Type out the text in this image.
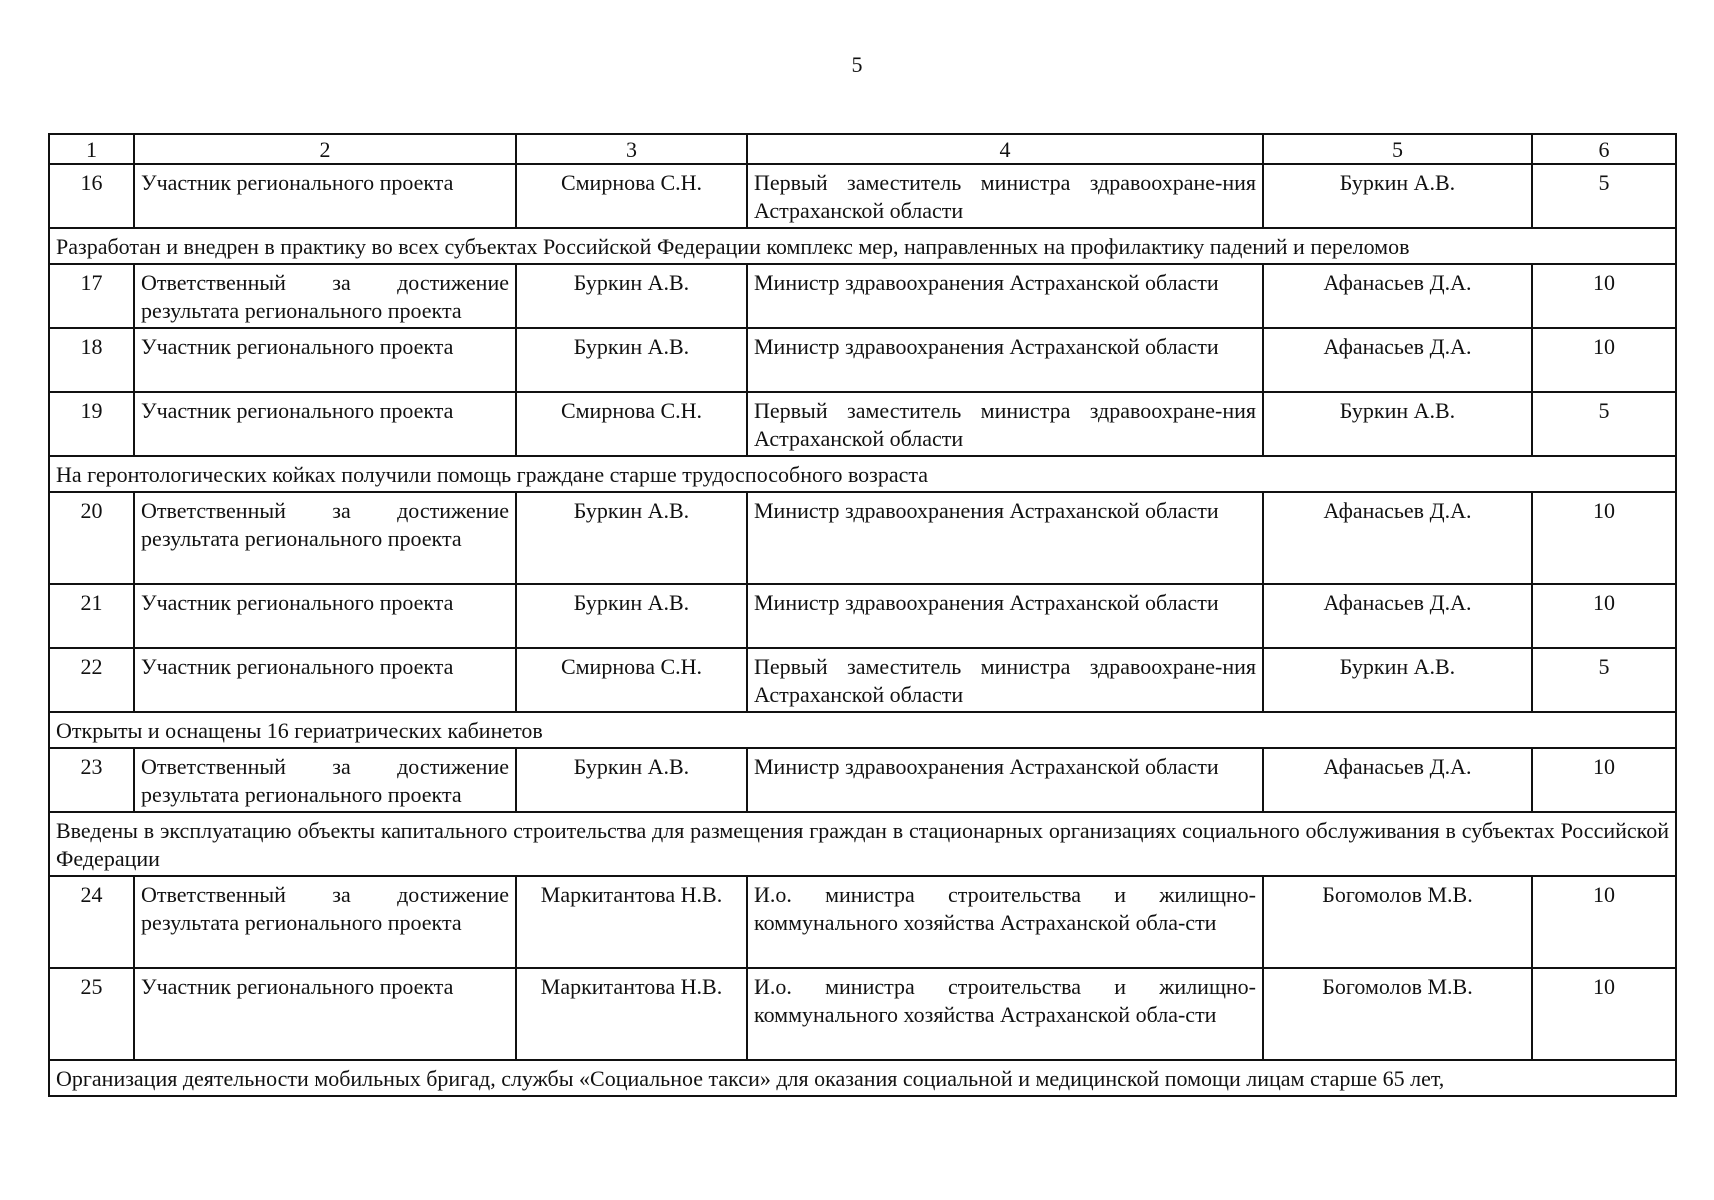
5
1	2	3	4	5	6
16	Участник регионального проекта	Смирнова С.Н.	Первый заместитель министра здравоохране-ния Астраханской области	Буркин А.В.	5
Разработан и внедрен в практику во всех субъектах Российской Федерации комплекс мер, направленных на профилактику падений и переломов					
17	Ответственный за достижение результата регионального проекта	Буркин А.В.	Министр здравоохранения Астраханской области	Афанасьев Д.А.	10
18	Участник регионального проекта	Буркин А.В.	Министр здравоохранения Астраханской области	Афанасьев Д.А.	10
19	Участник регионального проекта	Смирнова С.Н.	Первый заместитель министра здравоохране-ния Астраханской области	Буркин А.В.	5
На геронтологических койках получили помощь граждане старше трудоспособного возраста					
20	Ответственный за достижение результата регионального проекта	Буркин А.В.	Министр здравоохранения Астраханской области	Афанасьев Д.А.	10
21	Участник регионального проекта	Буркин А.В.	Министр здравоохранения Астраханской области	Афанасьев Д.А.	10
22	Участник регионального проекта	Смирнова С.Н.	Первый заместитель министра здравоохране-ния Астраханской области	Буркин А.В.	5
Открыты и оснащены 16 гериатрических кабинетов					
23	Ответственный за достижение результата регионального проекта	Буркин А.В.	Министр здравоохранения Астраханской области	Афанасьев Д.А.	10
Введены в эксплуатацию объекты капитального строительства для размещения граждан в стационарных организациях социального обслуживания в субъектах Российской Федерации					
24	Ответственный за достижение результата регионального проекта	Маркитантова Н.В.	И.о. министра строительства и жилищно-коммунального хозяйства Астраханской обла-сти	Богомолов М.В.	10
25	Участник регионального проекта	Маркитантова Н.В.	И.о. министра строительства и жилищно-коммунального хозяйства Астраханской обла-сти	Богомолов М.В.	10
Организация деятельности мобильных бригад, службы «Социальное такси» для оказания социальной и медицинской помощи лицам старше 65 лет,					
